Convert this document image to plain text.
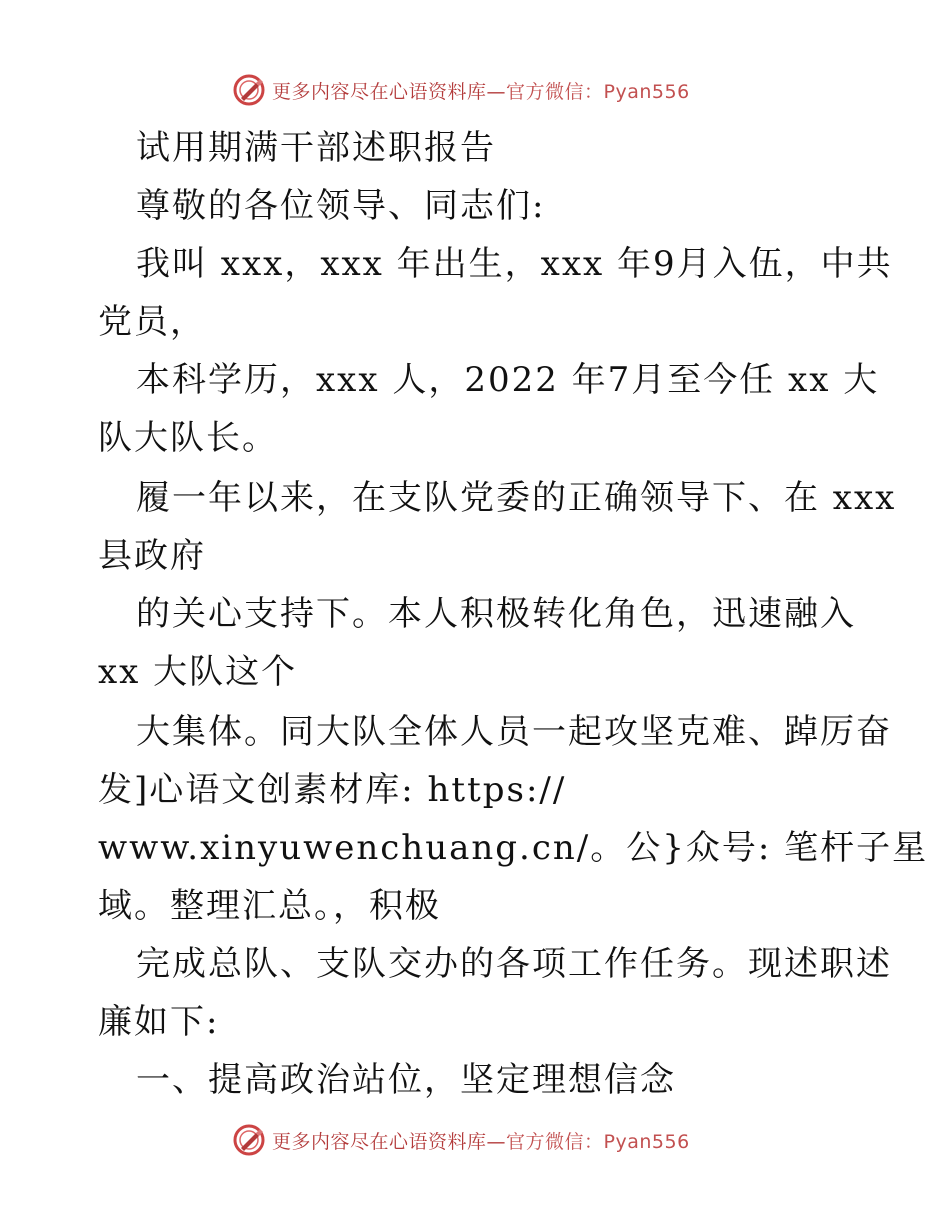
更多内容尽在心语资料库—官方微信：Pyan556
试用期满干部述职报告
尊敬的各位领导、同志们:
我叫 xxx，xxx 年出生，xxx 年9月入伍，中共
党员，
本科学历，xxx 人，2022 年7月至今任 xx 大
队大队长。
履一年以来，在支队党委的正确领导下、在 xxx
县政府
的关心支持下。本人积极转化角色，迅速融入
xx 大队这个
大集体。同大队全体人员一起攻坚克难、踔厉奋
发]心语文创素材库: https://
www.xinyuwenchuang.cn/。公}众号: 笔杆子星
域。整理汇总。，积极
完成总队、支队交办的各项工作任务。现述职述
廉如下:
一、提高政治站位，坚定理想信念
更多内容尽在心语资料库—官方微信：Pyan556
